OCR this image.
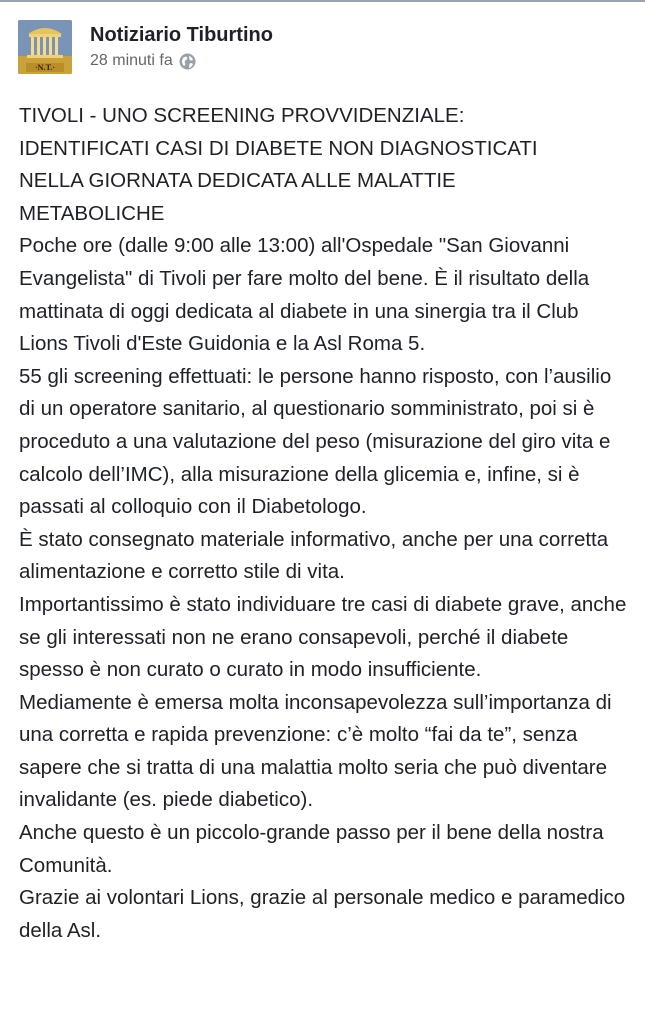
·N.T.·
Notiziario Tiburtino
28 minuti fa

TIVOLI - UNO SCREENING PROVVIDENZIALE:
IDENTIFICATI CASI DI DIABETE NON DIAGNOSTICATI
NELLA GIORNATA DEDICATA ALLE MALATTIE
METABOLICHE

Poche ore (dalle 9:00 alle 13:00) all'Ospedale "San Giovanni Evangelista" di Tivoli per fare molto del bene. È il risultato della mattinata di oggi dedicata al diabete in una sinergia tra il Club Lions Tivoli d'Este Guidonia e la Asl Roma 5.

55 gli screening effettuati: le persone hanno risposto, con l’ausilio di un operatore sanitario, al questionario somministrato, poi si è proceduto a una valutazione del peso (misurazione del giro vita e calcolo dell’IMC), alla misurazione della glicemia e, infine, si è passati al colloquio con il Diabetologo.

È stato consegnato materiale informativo, anche per una corretta alimentazione e corretto stile di vita.

Importantissimo è stato individuare tre casi di diabete grave, anche se gli interessati non ne erano consapevoli, perché il diabete spesso è non curato o curato in modo insufficiente.

Mediamente è emersa molta inconsapevolezza sull’importanza di una corretta e rapida prevenzione: c’è molto “fai da te”, senza sapere che si tratta di una malattia molto seria che può diventare invalidante (es. piede diabetico).

Anche questo è un piccolo-grande passo per il bene della nostra Comunità.

Grazie ai volontari Lions, grazie al personale medico e paramedico della Asl.
